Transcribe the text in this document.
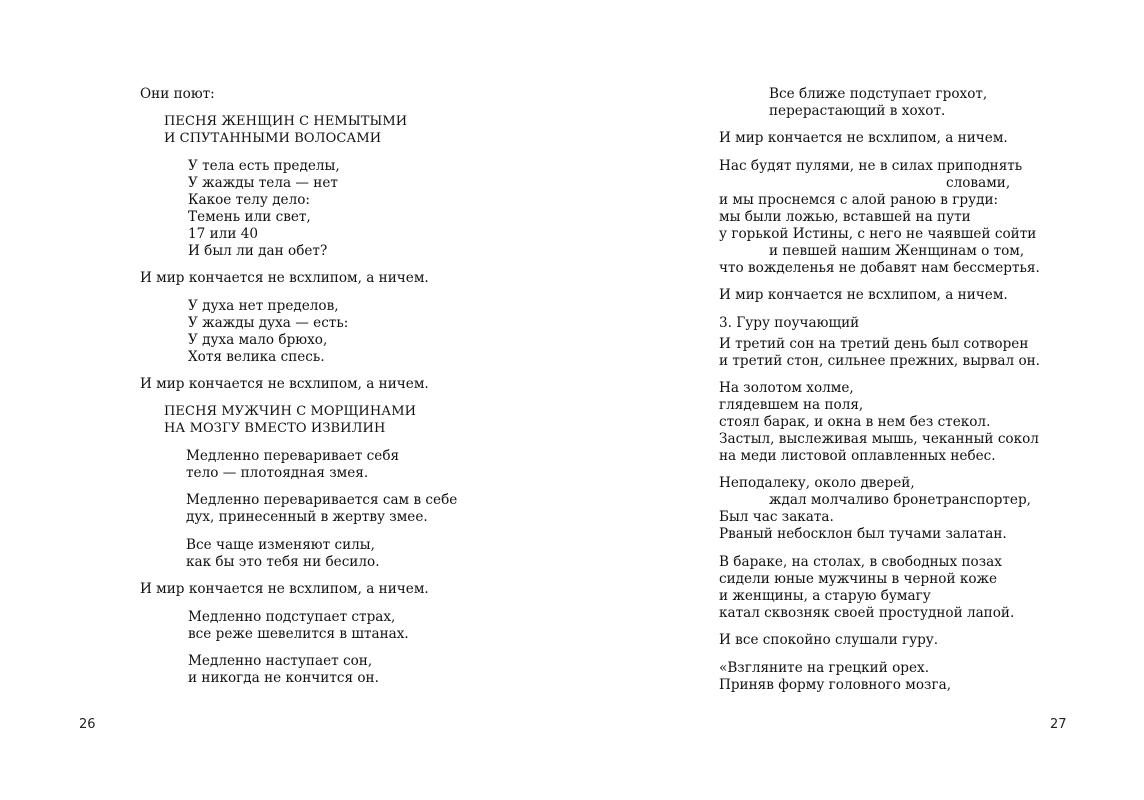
Они поют:
ПЕСНЯ ЖЕНЩИН С НЕМЫТЫМИ
И СПУТАННЫМИ ВОЛОСАМИ
У тела есть пределы,
У жажды тела — нет
Какое телу дело:
Темень или свет,
17 или 40
И был ли дан обет?
И мир кончается не всхлипом, а ничем.
У духа нет пределов,
У жажды духа — есть:
У духа мало брюхо,
Хотя велика спесь.
И мир кончается не всхлипом, а ничем.
ПЕСНЯ МУЖЧИН С МОРЩИНАМИ
НА МОЗГУ ВМЕСТО ИЗВИЛИН
Медленно переваривает себя
тело — плотоядная змея.
Медленно переваривается сам в себе
дух, принесенный в жертву змее.
Все чаще изменяют силы,
как бы это тебя ни бесило.
И мир кончается не всхлипом, а ничем.
Медленно подступает страх,
все реже шевелится в штанах.
Медленно наступает сон,
и никогда не кончится он.
26
Все ближе подступает грохот,
перерастающий в хохот.
И мир кончается не всхлипом, а ничем.
Нас будят пулями, не в силах приподнять
словами,
и мы проснемся с алой раною в груди:
мы были ложью, вставшей на пути
у горькой Истины, с него не чаявшей сойти
и певшей нашим Женщинам о том,
что вожделенья не добавят нам бессмертья.
И мир кончается не всхлипом, а ничем.
3. Гуру поучающий
И третий сон на третий день был сотворен
и третий стон, сильнее прежних, вырвал он.
На золотом холме,
глядевшем на поля,
стоял барак, и окна в нем без стекол.
Застыл, выслеживая мышь, чеканный сокол
на меди листовой оплавленных небес.
Неподалеку, около дверей,
ждал молчаливо бронетранспортер,
Был час заката.
Рваный небосклон был тучами залатан.
В бараке, на столах, в свободных позах
сидели юные мужчины в черной коже
и женщины, а старую бумагу
катал сквозняк своей простудной лапой.
И все спокойно слушали гуру.
«Взгляните на грецкий орех.
Приняв форму головного мозга,
27
